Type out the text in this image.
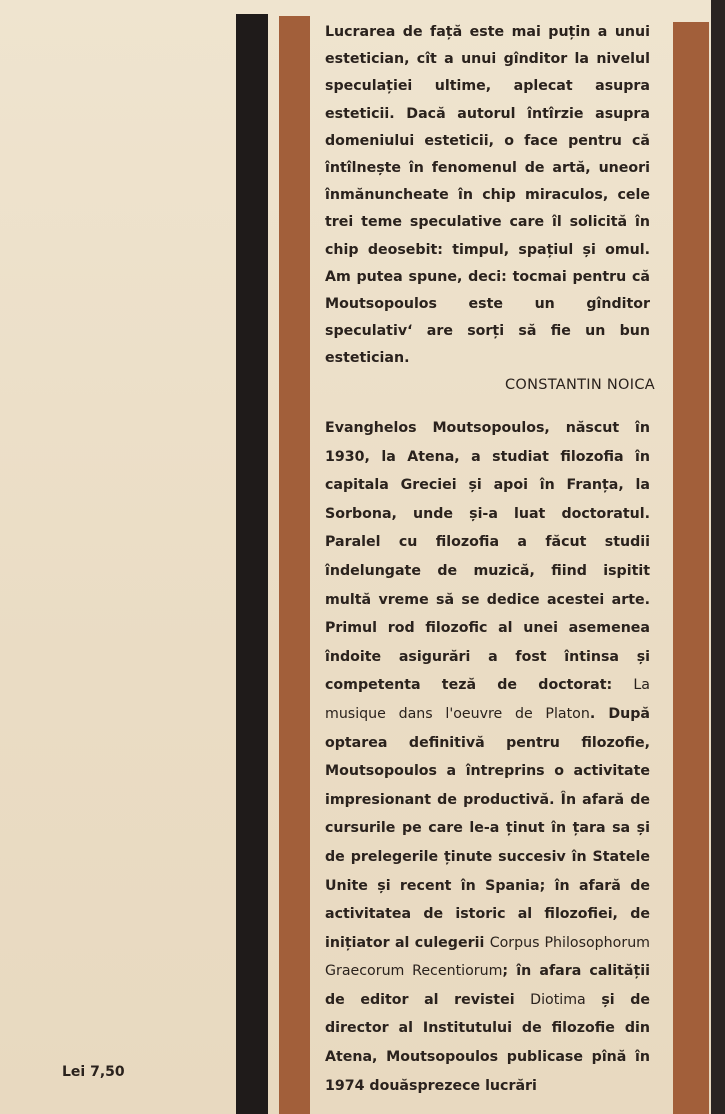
Lucrarea de față este mai puțin a unui estetician, cît a unui gînditor la nivelul speculației ultime, aplecat asupra esteticii. Dacă autorul întîrzie asupra domeniului esteticii, o face pentru că întîlnește în fenomenul de artă, uneori înmănuncheate în chip miraculos, cele trei teme speculative care îl solicită în chip deosebit: timpul, spațiul și omul. Am putea spune, deci: tocmai pentru că Moutsopoulos este un gînditor speculativ‘ are sorți să fie un bun estetician.

CONSTANTIN NOICA

Evanghelos Moutsopoulos, născut în 1930, la Atena, a studiat filozofia în capitala Greciei și apoi în Franța, la Sorbona, unde și-a luat doctoratul. Paralel cu filozofia a făcut studii îndelungate de muzică, fiind ispitit multă vreme să se dedice acestei arte. Primul rod filozofic al unei asemenea îndoite asigurări a fost întinsa și competenta teză de doctorat: La musique dans l'oeuvre de Platon. După optarea definitivă pentru filozofie, Moutsopoulos a întreprins o activitate impresionant de productivă. În afară de cursurile pe care le-a ținut în țara sa și de prelegerile ținute succesiv în Statele Unite și recent în Spania; în afară de activitatea de istoric al filozofiei, de inițiator al culegerii Corpus Philosophorum Graecorum Recentiorum; în afara calității de editor al revistei Diotima și de director al Institutului de filozofie din Atena, Moutsopoulos publicase pînă în 1974 douăsprezece lucrări

Lei 7,50
